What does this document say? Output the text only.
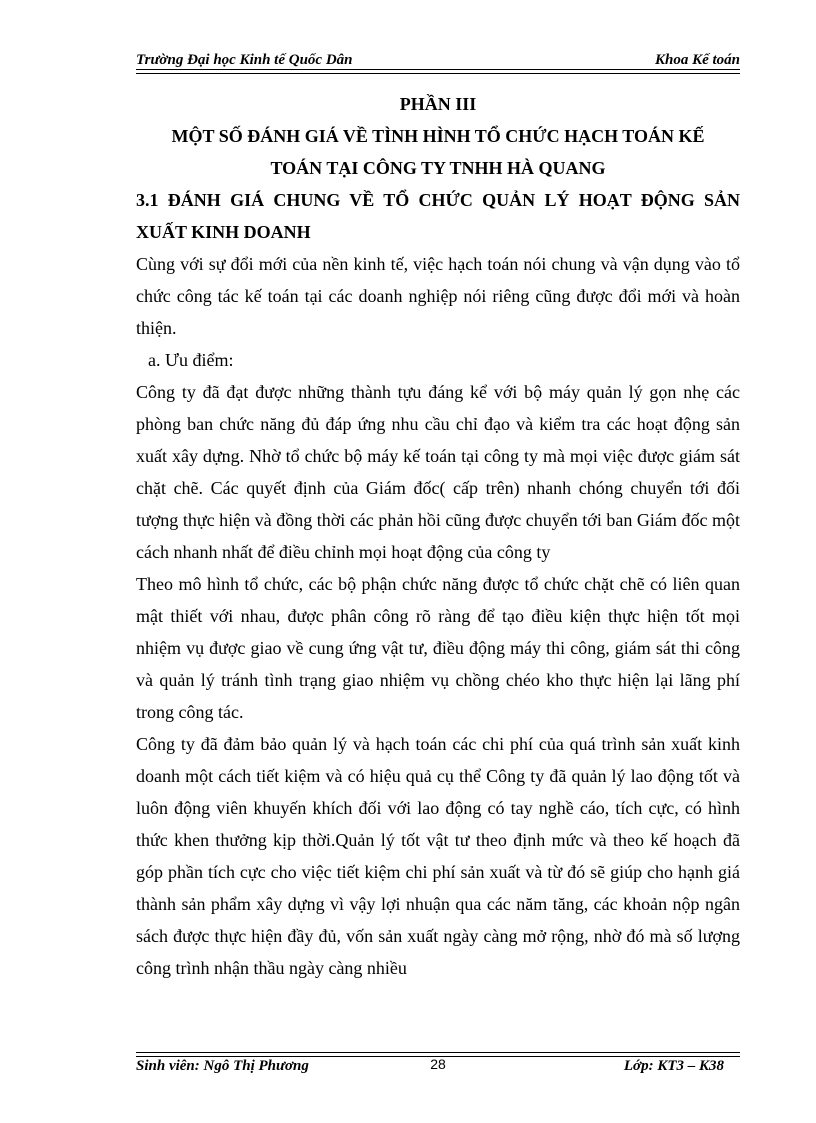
Trường Đại học Kinh tế Quốc Dân	Khoa Kế toán

PHẦN III

MỘT SỐ ĐÁNH GIÁ VỀ TÌNH HÌNH TỔ CHỨC HẠCH TOÁN KẾ

TOÁN TẠI CÔNG TY TNHH HÀ QUANG

3.1 ĐÁNH GIÁ CHUNG VỀ TỔ CHỨC QUẢN LÝ HOẠT ĐỘNG SẢN XUẤT KINH DOANH

Cùng với sự đổi mới của nền kinh tế, việc hạch toán nói chung và vận dụng vào tổ chức công tác kế toán tại các doanh nghiệp nói riêng cũng được đổi mới và hoàn thiện.

a. Ưu điểm:

Công ty đã đạt được những thành tựu đáng kể với bộ máy quản lý gọn nhẹ các phòng ban chức năng đủ đáp ứng nhu cầu chỉ đạo và kiểm tra các hoạt động sản xuất xây dựng. Nhờ tổ chức bộ máy kế toán tại công ty mà mọi việc được giám sát chặt chẽ. Các quyết định của Giám đốc( cấp trên) nhanh chóng chuyển tới đối tượng thực hiện và đồng thời các phản hồi cũng được chuyển tới ban Giám đốc một cách nhanh nhất để điều chỉnh mọi hoạt động của công ty

Theo mô hình tổ chức, các bộ phận chức năng được tổ chức chặt chẽ có liên quan mật thiết với nhau, được phân công rõ ràng để tạo điều kiện thực hiện tốt mọi nhiệm vụ được giao về cung ứng vật tư, điều động máy thi công, giám sát thi công và quản lý tránh tình trạng giao nhiệm vụ chồng chéo kho thực hiện lại lãng phí trong công tác.

Công ty đã đảm bảo quản lý và hạch toán các chi phí của quá trình sản xuất kinh doanh một cách tiết kiệm và có hiệu quả cụ thể Công ty đã quản lý lao động tốt và luôn động viên khuyến khích đối với lao động có tay nghề cáo, tích cực, có hình thức khen thưởng kịp thời.Quản lý tốt vật tư theo định mức và theo kế hoạch đã góp phần tích cực cho việc tiết kiệm chi phí sản xuất và từ đó sẽ giúp cho hạnh giá thành sản phẩm xây dựng vì vậy lợi nhuận qua các năm tăng, các khoản nộp ngân sách được thực hiện đầy đủ, vốn sản xuất ngày càng mở rộng, nhờ đó mà số lượng công trình nhận thầu ngày càng nhiều

Sinh viên: Ngô Thị Phương	28	Lớp: KT3 – K38
